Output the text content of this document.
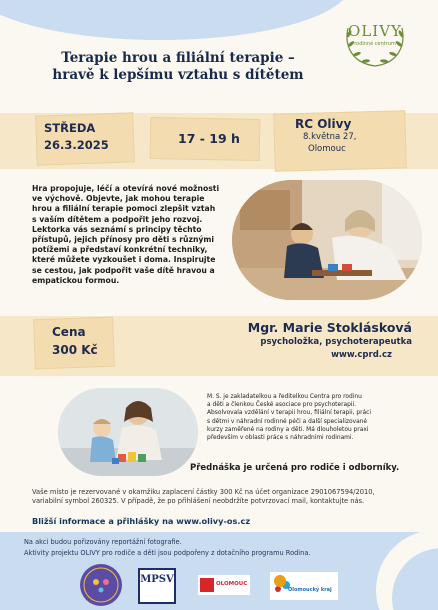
OLIVY
rodinné centrum
Terapie hrou a filiální terapie –
hravě k lepšímu vztahu s dítětem
STŘEDA
26.3.2025	17 - 19 h
RC Olivy
8.května 27,
Olomouc

Hra propojuje, léčí a otevírá nové možnosti

ve výchově. Objevte, jak mohou terapie

hrou a filiální terapie pomoci zlepšit vztah

s vaším dítětem a podpořit jeho rozvoj.

Lektorka vás seznámí s principy těchto

přístupů, jejich přínosy pro děti s různými

potížemi a představí konkrétní techniky,

které můžete vyzkoušet i doma. Inspirujte

se cestou, jak podpořit vaše dítě hravou a

empatickou formou.

Cena
300 Kč
Mgr. Marie Stoklásková
psycholožka, psychoterapeutka
www.cprd.cz
M. S. je zakladatelkou a ředitelkou Centra pro rodinu
a děti a členkou České asociace pro psychoterapii.
Absolvovala vzdělání v terapii hrou, filiální terapii, práci
s dětmi v náhradní rodinné péči a další specializované
kurzy zaměřené na rodiny a děti. Má dlouholetou praxi
především v oblasti práce s náhradními rodinami.
Přednáška je určená pro rodiče i odborníky.
Vaše místo je rezervované v okamžiku zaplacení částky 300 Kč na účet organizace 2901067594/2010,
variabilní symbol 260325. V případě, že po přihlášení neobdržíte potvrzovací mail, kontaktujte nás.
Bližší informace a přihlášky na www.olivy-os.cz
Na akci budou pořizovány reportážní fotografie.
Aktivity projektu OLIVY pro rodiče a děti jsou podpořeny z dotačního programu Rodina.
MPSV	OLOMOUC
Olomoucký kraj
